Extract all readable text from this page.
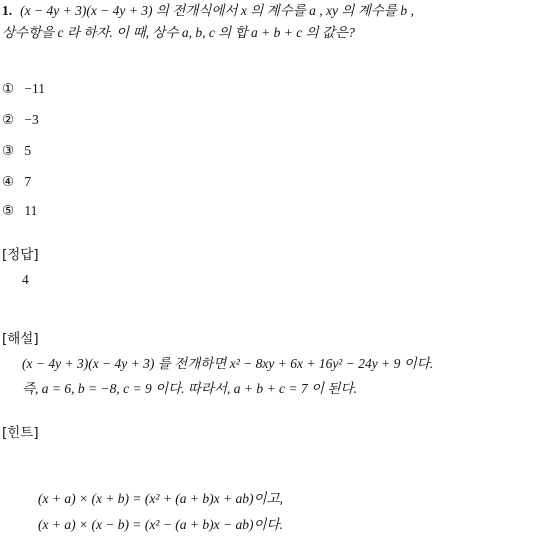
1. (x − 4y + 3)(x − 4y + 3) 의 전개식에서 x 의 계수를 a , xy 의 계수를 b ,
상수항을 c 라 하자. 이 때, 상수 a, b, c 의 합 a + b + c 의 값은?
① −11
② −3
③ 5
④ 7
⑤ 11
[정답]
4
[해설]
(x − 4y + 3)(x − 4y + 3) 를 전개하면 x² − 8xy + 6x + 16y² − 24y + 9 이다.
즉, a = 6, b = −8, c = 9 이다. 따라서, a + b + c = 7 이 된다.
[힌트]
(x + a) × (x + b) = (x² + (a + b)x + ab)이고,
(x + a) × (x − b) = (x² − (a + b)x − ab)이다.
